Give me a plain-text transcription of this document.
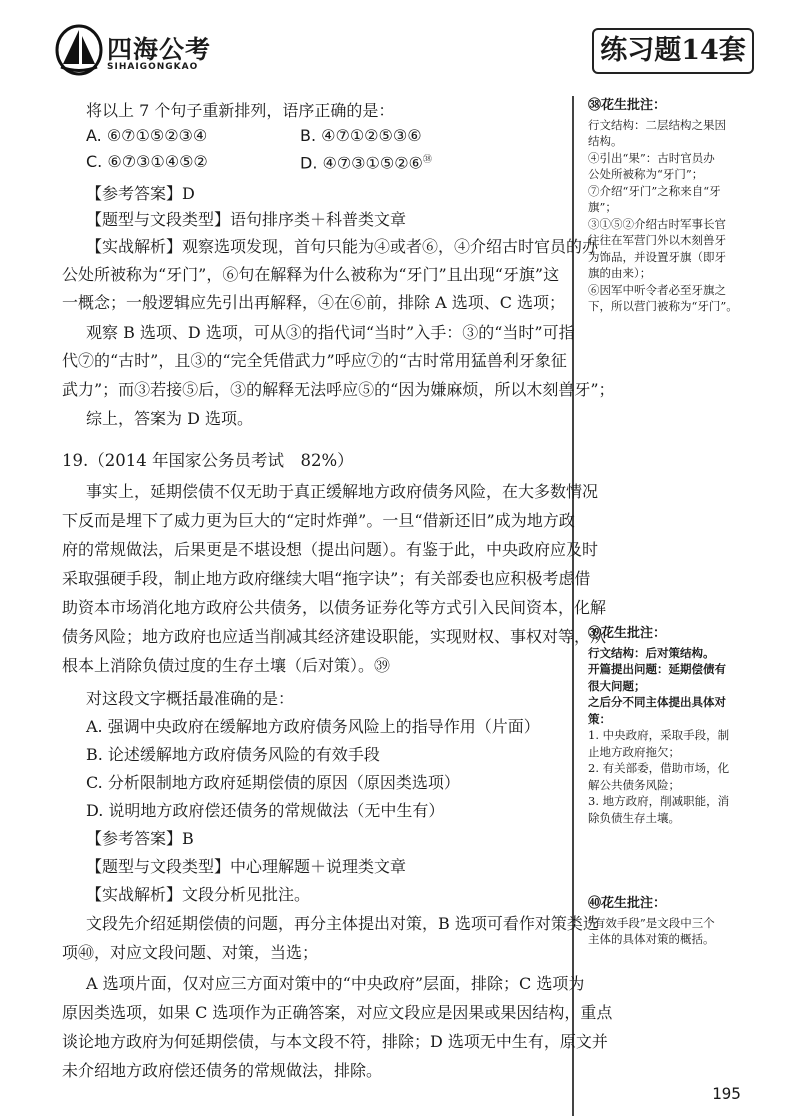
四海公考
SIHAIGONGKAO
练习题14套
将以上 7 个句子重新排列，语序正确的是：
A. ⑥⑦①⑤②③④	B. ④⑦①②⑤③⑥
C. ⑥⑦③①④⑤②	D. ④⑦③①⑤②⑥$^㊳$
【参考答案】D
【题型与文段类型】语句排序类＋科普类文章
【实战解析】观察选项发现，首句只能为④或者⑥，④介绍古时官员的办
公处所被称为“牙门”，⑥句在解释为什么被称为“牙门”且出现“牙旗”这
一概念；一般逻辑应先引出再解释，④在⑥前，排除 A 选项、C 选项；
观察 B 选项、D 选项，可从③的指代词“当时”入手：③的“当时”可指
代⑦的“古时”，且③的“完全凭借武力”呼应⑦的“古时常用猛兽利牙象征
武力”；而③若接⑤后，③的解释无法呼应⑤的“因为嫌麻烦，所以木刻兽牙”；
综上，答案为 D 选项。
19.（2014 年国家公务员考试　82%）
事实上，延期偿债不仅无助于真正缓解地方政府债务风险，在大多数情况
下反而是埋下了威力更为巨大的“定时炸弹”。一旦“借新还旧”成为地方政
府的常规做法，后果更是不堪设想（提出问题）。有鉴于此，中央政府应及时
采取强硬手段，制止地方政府继续大唱“拖字诀”；有关部委也应积极考虑借
助资本市场消化地方政府公共债务，以债务证券化等方式引入民间资本，化解
债务风险；地方政府也应适当削减其经济建设职能，实现财权、事权对等，从
根本上消除负债过度的生存土壤（后对策）。㊴
对这段文字概括最准确的是：
A. 强调中央政府在缓解地方政府债务风险上的指导作用（片面）
B. 论述缓解地方政府债务风险的有效手段
C. 分析限制地方政府延期偿债的原因（原因类选项）
D. 说明地方政府偿还债务的常规做法（无中生有）
【参考答案】B
【题型与文段类型】中心理解题＋说理类文章
【实战解析】文段分析见批注。
文段先介绍延期偿债的问题，再分主体提出对策，B 选项可看作对策类选
项㊵，对应文段问题、对策，当选；
A 选项片面，仅对应三方面对策中的“中央政府”层面，排除；C 选项为
原因类选项，如果 C 选项作为正确答案，对应文段应是因果或果因结构，重点
谈论地方政府为何延期偿债，与本文段不符，排除；D 选项无中生有，原文并
未介绍地方政府偿还债务的常规做法，排除。
㊳花生批注：
行文结构：二层结构之果因
结构。
④引出“果”：古时官员办
公处所被称为“牙门”；
⑦介绍“牙门”之称来自“牙
旗”；
③①⑤②介绍古时军事长官
往往在军营门外以木刻兽牙
为饰品，并设置牙旗（即牙
旗的由来）；
⑥因军中听令者必至牙旗之
下，所以营门被称为“牙门”。
㊴花生批注：
行文结构：后对策结构。
开篇提出问题：延期偿债有
很大问题；
之后分不同主体提出具体对
策：
1. 中央政府，采取手段，制
止地方政府拖欠；
2. 有关部委，借助市场，化
解公共债务风险；
3. 地方政府，削减职能，消
除负债生存土壤。
㊵花生批注：
“有效手段”是文段中三个
主体的具体对策的概括。
195
